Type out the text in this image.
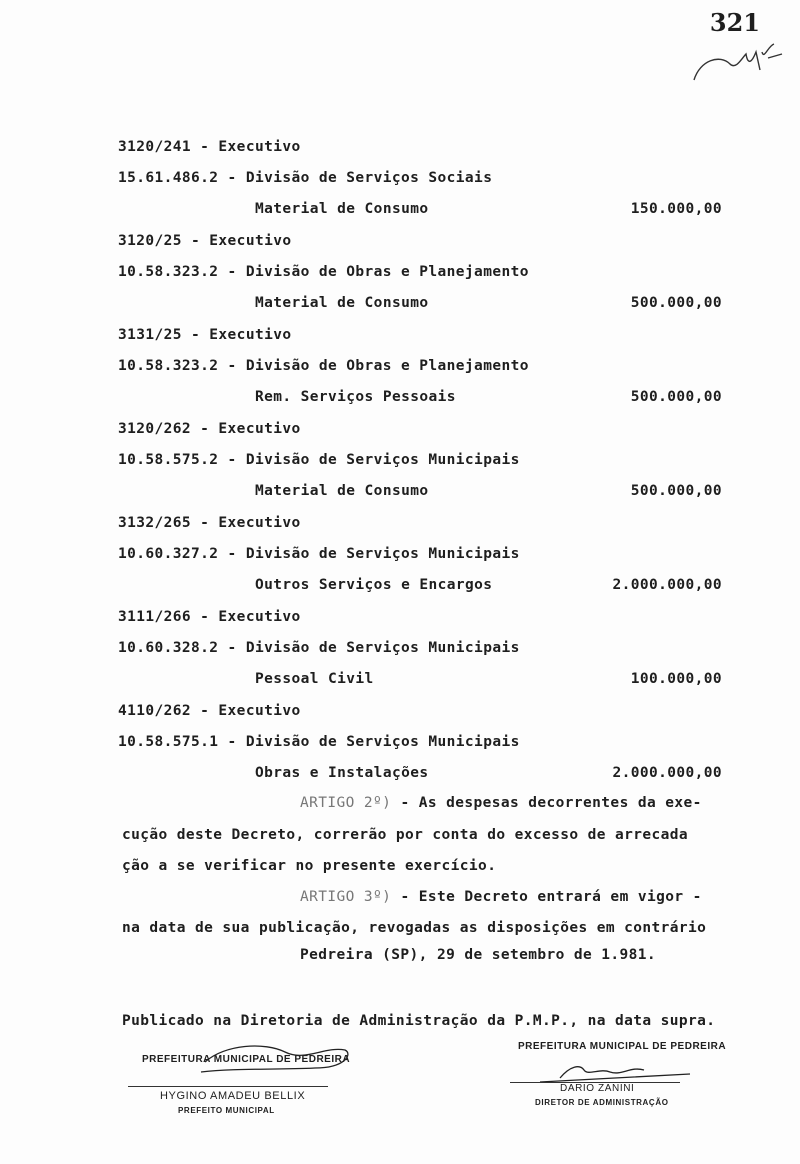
321
3120/241 - Executivo
15.61.486.2 - Divisão de Serviços Sociais
Material de Consumo	150.000,00
3120/25 - Executivo
10.58.323.2 - Divisão de Obras e Planejamento
Material de Consumo	500.000,00
3131/25 - Executivo
10.58.323.2 - Divisão de Obras e Planejamento
Rem. Serviços Pessoais	500.000,00
3120/262 - Executivo
10.58.575.2 - Divisão de Serviços Municipais
Material de Consumo	500.000,00
3132/265 - Executivo
10.60.327.2 - Divisão de Serviços Municipais
Outros Serviços e Encargos	2.000.000,00
3111/266 - Executivo
10.60.328.2 - Divisão de Serviços Municipais
Pessoal Civil	100.000,00
4110/262 - Executivo
10.58.575.1 - Divisão de Serviços Municipais
Obras e Instalações	2.000.000,00
ARTIGO 2º) - As despesas decorrentes da exe-
cução deste Decreto, correrão por conta do excesso de arrecada
ção a se verificar no presente exercício.
ARTIGO 3º) - Este Decreto entrará em vigor -
na data de sua publicação, revogadas as disposições em contrário
Pedreira (SP), 29 de setembro de 1.981.
Publicado na Diretoria de Administração da P.M.P., na data supra.
PREFEITURA MUNICIPAL DE PEDREIRA
HYGINO AMADEU BELLIX
PREFEITO MUNICIPAL
PREFEITURA MUNICIPAL DE PEDREIRA
DARIO ZANINI
DIRETOR DE ADMINISTRAÇÃO
